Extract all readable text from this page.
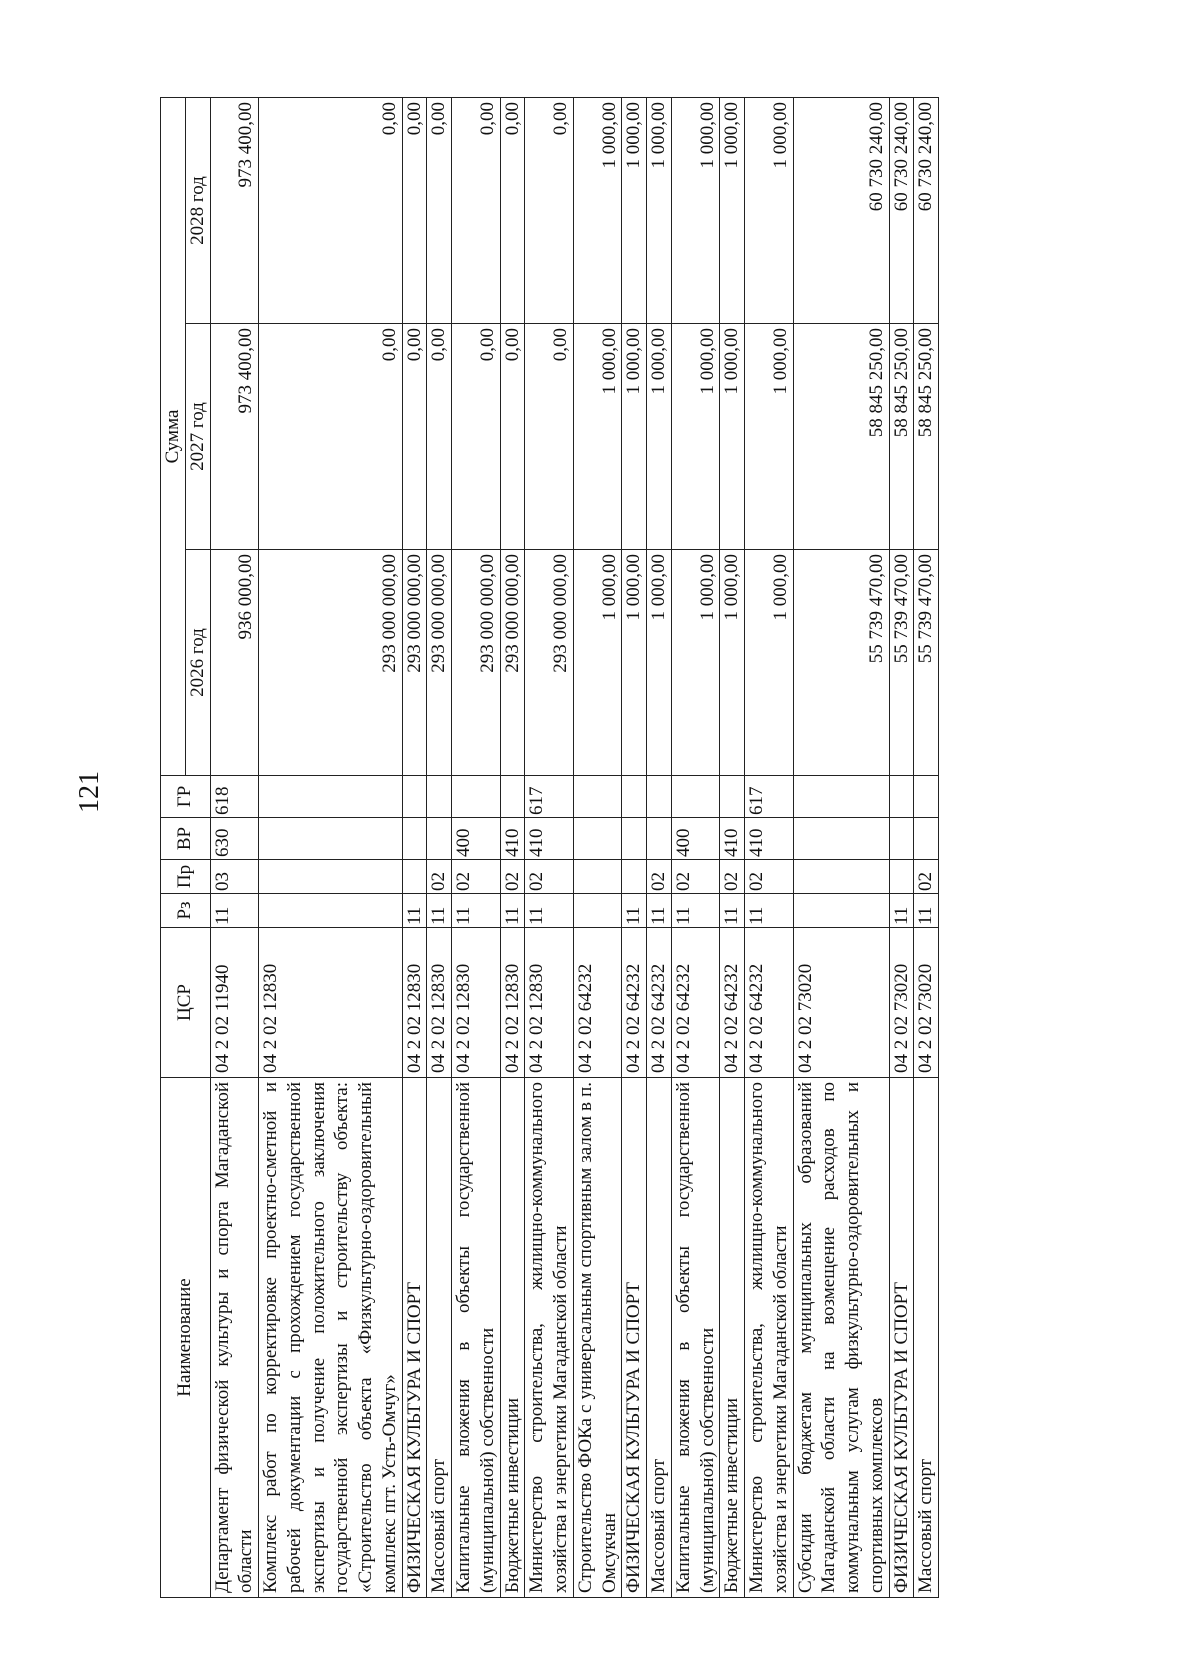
121
Наименование	ЦСР	Рз	Пр	ВР	ГР	Сумма		
						2026 год	2027 год	2028 год
Департамент физической культуры и спорта Магаданской области	04 2 02 11940	11	03	630	618	936 000,00	973 400,00	973 400,00
Комплекс работ по корректировке проектно-сметной и рабочей документации с прохождением государственной экспертизы и получение положительного заключения государственной экспертизы и строительству объекта: «Строительство объекта «Физкультурно-оздоровительный комплекс пгт. Усть-Омчуг»	04 2 02 12830					293 000 000,00	0,00	0,00
ФИЗИЧЕСКАЯ КУЛЬТУРА И СПОРТ	04 2 02 12830	11				293 000 000,00	0,00	0,00
Массовый спорт	04 2 02 12830	11	02			293 000 000,00	0,00	0,00
Капитальные вложения в объекты государственной (муниципальной) собственности	04 2 02 12830	11	02	400		293 000 000,00	0,00	0,00
Бюджетные инвестиции	04 2 02 12830	11	02	410		293 000 000,00	0,00	0,00
Министерство строительства, жилищно-коммунального хозяйства и энергетики Магаданской области	04 2 02 12830	11	02	410	617	293 000 000,00	0,00	0,00
Строительство ФОКа с универсальным спортивным залом в п. Омсукчан	04 2 02 64232					1 000,00	1 000,00	1 000,00
ФИЗИЧЕСКАЯ КУЛЬТУРА И СПОРТ	04 2 02 64232	11				1 000,00	1 000,00	1 000,00
Массовый спорт	04 2 02 64232	11	02			1 000,00	1 000,00	1 000,00
Капитальные вложения в объекты государственной (муниципальной) собственности	04 2 02 64232	11	02	400		1 000,00	1 000,00	1 000,00
Бюджетные инвестиции	04 2 02 64232	11	02	410		1 000,00	1 000,00	1 000,00
Министерство строительства, жилищно-коммунального хозяйства и энергетики Магаданской области	04 2 02 64232	11	02	410	617	1 000,00	1 000,00	1 000,00
Субсидии бюджетам муниципальных образований Магаданской области на возмещение расходов по коммунальным услугам физкультурно-оздоровительных и спортивных комплексов	04 2 02 73020					55 739 470,00	58 845 250,00	60 730 240,00
ФИЗИЧЕСКАЯ КУЛЬТУРА И СПОРТ	04 2 02 73020	11				55 739 470,00	58 845 250,00	60 730 240,00
Массовый спорт	04 2 02 73020	11	02			55 739 470,00	58 845 250,00	60 730 240,00
